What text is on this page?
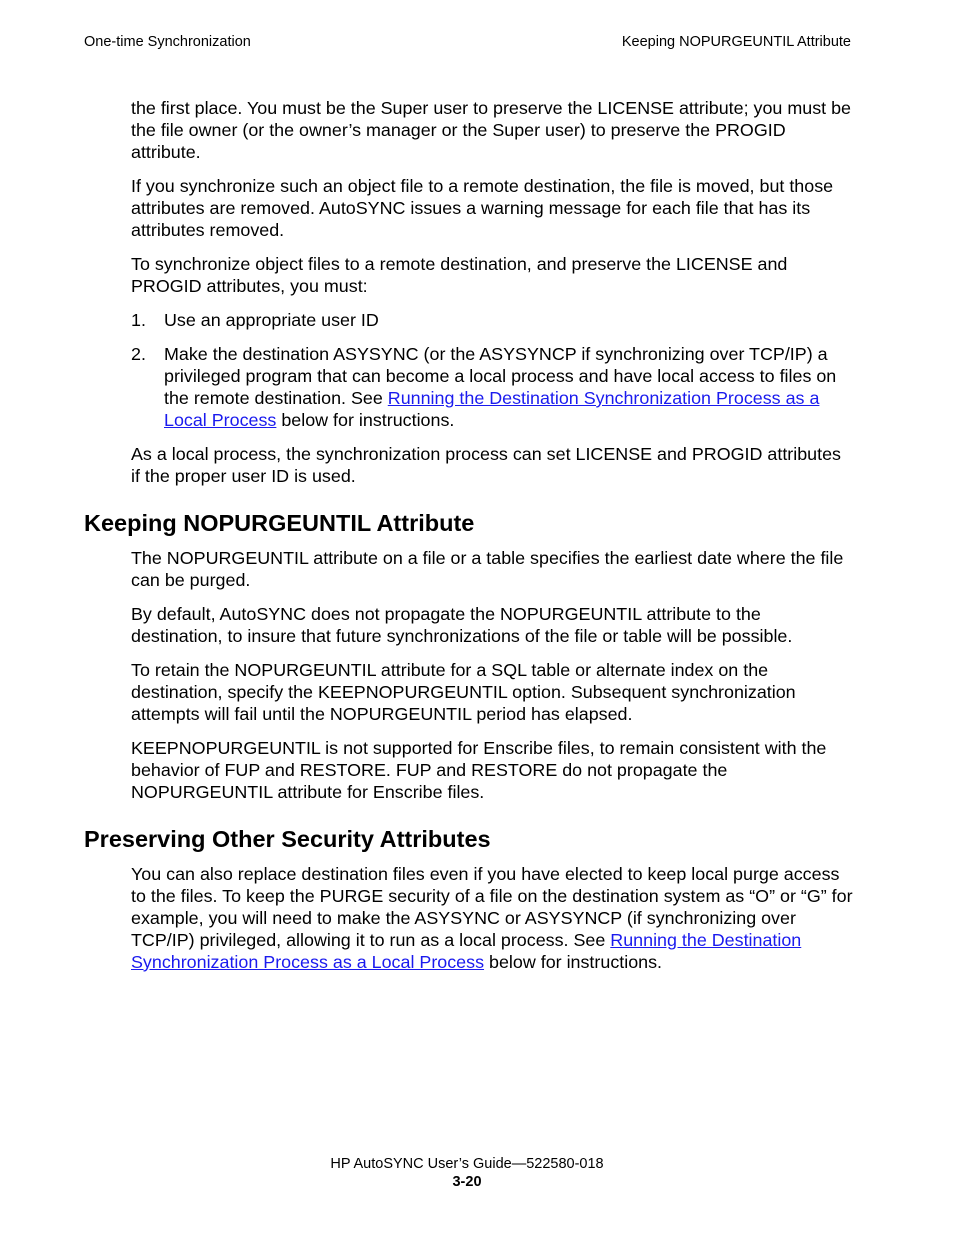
One-time Synchronization	Keeping NOPURGEUNTIL Attribute

the first place. You must be the Super user to preserve the LICENSE attribute; you must be the file owner (or the owner’s manager or the Super user) to preserve the PROGID attribute.

If you synchronize such an object file to a remote destination, the file is moved, but those attributes are removed. AutoSYNC issues a warning message for each file that has its attributes removed.

To synchronize object files to a remote destination, and preserve the LICENSE and PROGID attributes, you must:

1. Use an appropriate user ID
2. Make the destination ASYSYNC (or the ASYSYNCP if synchronizing over TCP/IP) a privileged program that can become a local process and have local access to files on the remote destination. See Running the Destination Synchronization Process as a Local Process below for instructions.

As a local process, the synchronization process can set LICENSE and PROGID attributes if the proper user ID is used.

Keeping NOPURGEUNTIL Attribute

The NOPURGEUNTIL attribute on a file or a table specifies the earliest date where the file can be purged.

By default, AutoSYNC does not propagate the NOPURGEUNTIL attribute to the destination, to insure that future synchronizations of the file or table will be possible.

To retain the NOPURGEUNTIL attribute for a SQL table or alternate index on the destination, specify the KEEPNOPURGEUNTIL option. Subsequent synchronization attempts will fail until the NOPURGEUNTIL period has elapsed.

KEEPNOPURGEUNTIL is not supported for Enscribe files, to remain consistent with the behavior of FUP and RESTORE. FUP and RESTORE do not propagate the NOPURGEUNTIL attribute for Enscribe files.

Preserving Other Security Attributes

You can also replace destination files even if you have elected to keep local purge access to the files. To keep the PURGE security of a file on the destination system as “O” or “G” for example, you will need to make the ASYSYNC or ASYSYNCP (if synchronizing over TCP/IP) privileged, allowing it to run as a local process. See Running the Destination Synchronization Process as a Local Process below for instructions.

HP AutoSYNC User’s Guide—522580-018
3-20
